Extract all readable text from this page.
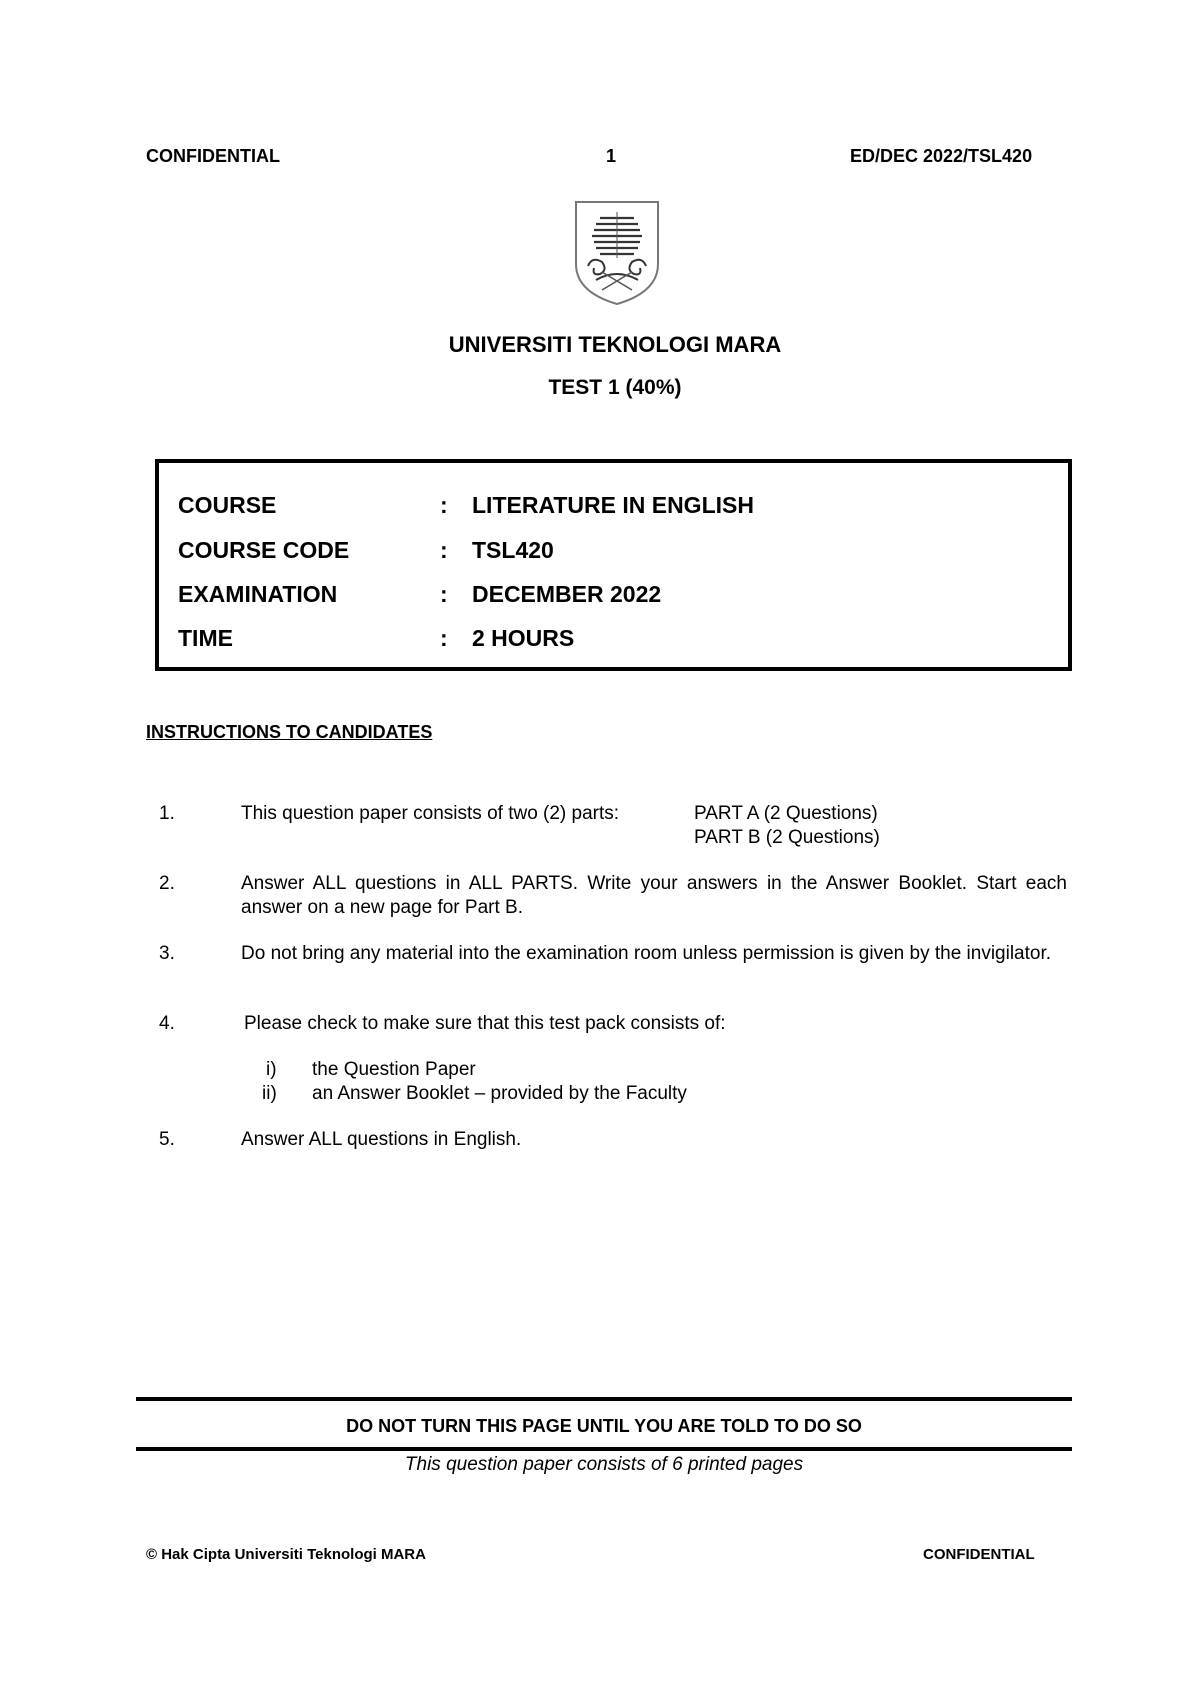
CONFIDENTIAL	1	ED/DEC 2022/TSL420
UNIVERSITI TEKNOLOGI MARA
TEST 1 (40%)
COURSE	: LITERATURE IN ENGLISH
COURSE CODE	: TSL420
EXAMINATION	: DECEMBER 2022
TIME	: 2 HOURS
INSTRUCTIONS TO CANDIDATES
1.	This question paper consists of two (2) parts:	PART A (2 Questions)
PART B (2 Questions)
2.	Answer ALL questions in ALL PARTS. Write your answers in the Answer Booklet. Start each answer on a new page for Part B.
3.	Do not bring any material into the examination room unless permission is given by the invigilator.
4.	Please check to make sure that this test pack consists of:
i) the Question Paper
ii) an Answer Booklet – provided by the Faculty
5.	Answer ALL questions in English.
DO NOT TURN THIS PAGE UNTIL YOU ARE TOLD TO DO SO
This question paper consists of 6 printed pages
© Hak Cipta Universiti Teknologi MARA	CONFIDENTIAL
